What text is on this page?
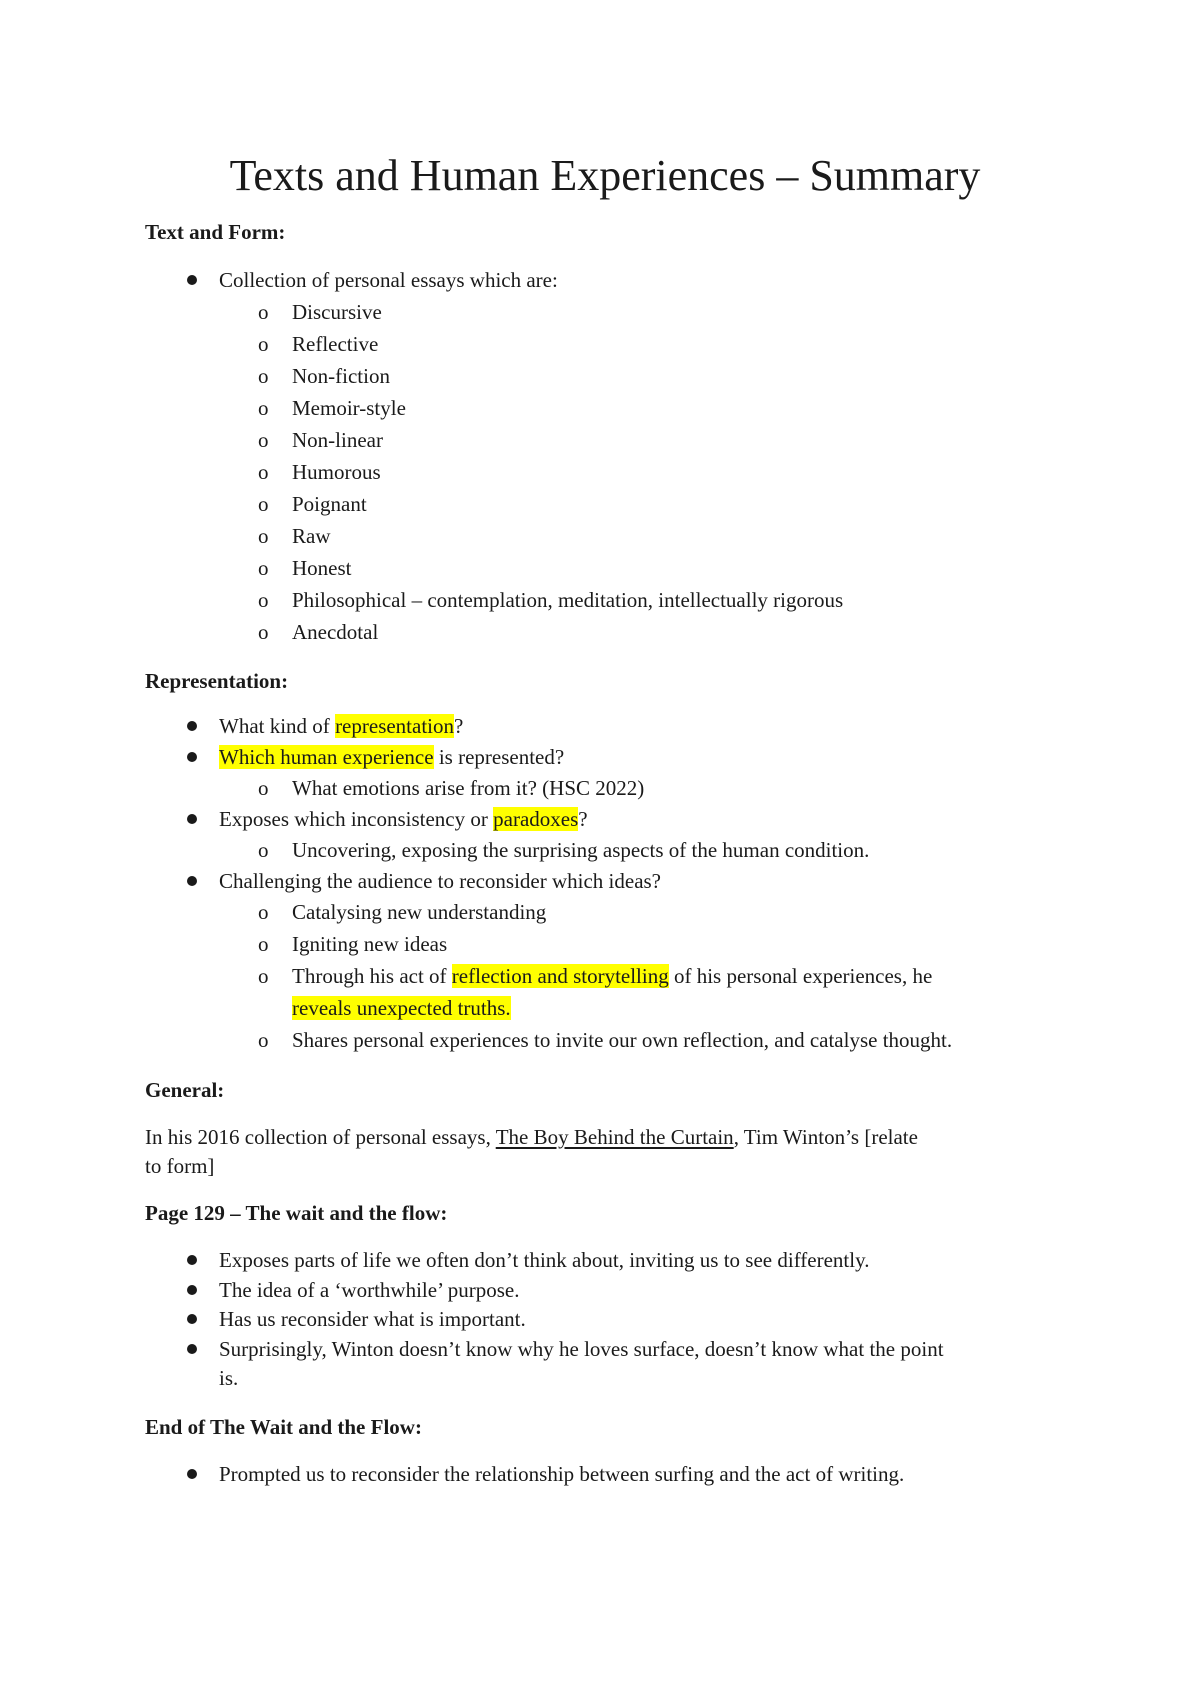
Texts and Human Experiences – Summary
Text and Form:
Collection of personal essays which are:
o Discursive
o Reflective
o Non-fiction
o Memoir-style
o Non-linear
o Humorous
o Poignant
o Raw
o Honest
o Philosophical – contemplation, meditation, intellectually rigorous
o Anecdotal
Representation:
What kind of representation?
Which human experience is represented?
o What emotions arise from it? (HSC 2022)
Exposes which inconsistency or paradoxes?
o Uncovering, exposing the surprising aspects of the human condition.
Challenging the audience to reconsider which ideas?
o Catalysing new understanding
o Igniting new ideas
o Through his act of reflection and storytelling of his personal experiences, he
reveals unexpected truths.
o Shares personal experiences to invite our own reflection, and catalyse thought.
General:
In his 2016 collection of personal essays, The Boy Behind the Curtain, Tim Winton’s [relate
to form]
Page 129 – The wait and the flow:
Exposes parts of life we often don’t think about, inviting us to see differently.
The idea of a ‘worthwhile’ purpose.
Has us reconsider what is important.
Surprisingly, Winton doesn’t know why he loves surface, doesn’t know what the point
is.
End of The Wait and the Flow:
Prompted us to reconsider the relationship between surfing and the act of writing.
